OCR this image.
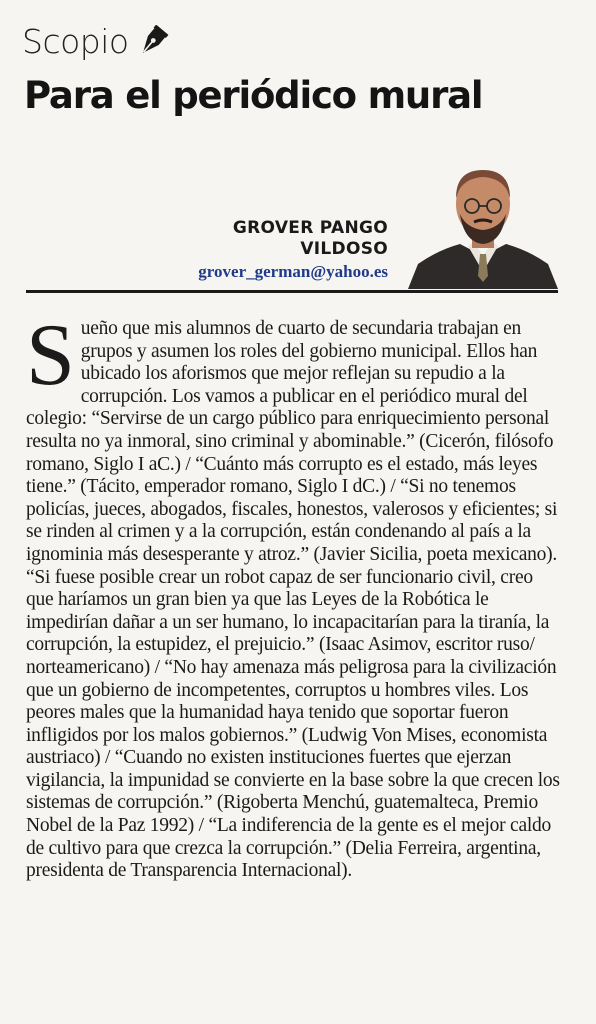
Scopio
Para el periódico mural
GROVER PANGO
VILDOSO
grover_german@yahoo.es

Sueño que mis alumnos de cuarto de secundaria trabajan en grupos y asumen los roles del gobierno municipal. Ellos han ubicado los aforismos que mejor reflejan su repudio a la corrupción. Los vamos a publicar en el periódico mural del colegio: “Servirse de un cargo público para enriquecimiento personal resulta no ya inmoral, sino criminal y abominable.” (Cicerón, filósofo romano, Siglo I aC.) / “Cuánto más corrupto es el estado, más leyes tiene.” (Tácito, emperador romano, Siglo I dC.) / “Si no tenemos policías, jueces, abogados, fiscales, honestos, valerosos y eficientes; si se rinden al crimen y a la corrupción, están condenando al país a la ignominia más desesperante y atroz.” (Javier Sicilia, poeta mexicano). “Si fuese posible crear un robot capaz de ser funcionario civil, creo que haríamos un gran bien ya que las Leyes de la Robótica le impedirían dañar a un ser humano, lo incapacitarían para la tiranía, la corrupción, la estupidez, el prejuicio.” (Isaac Asimov, escritor ruso/ norteamericano) / “No hay amenaza más peligrosa para la civilización que un gobierno de incompetentes, corruptos u hombres viles. Los peores males que la humanidad haya tenido que soportar fueron infligidos por los malos gobiernos.” (Ludwig Von Mises, economista austriaco) / “Cuando no existen instituciones fuertes que ejerzan vigilancia, la impunidad se convierte en la base sobre la que crecen los sistemas de corrupción.” (Rigoberta Menchú, guatemalteca, Premio Nobel de la Paz 1992) / “La indiferencia de la gente es el mejor caldo de cultivo para que crezca la corrupción.” (Delia Ferreira, argentina, presidenta de Transparencia Internacional).
